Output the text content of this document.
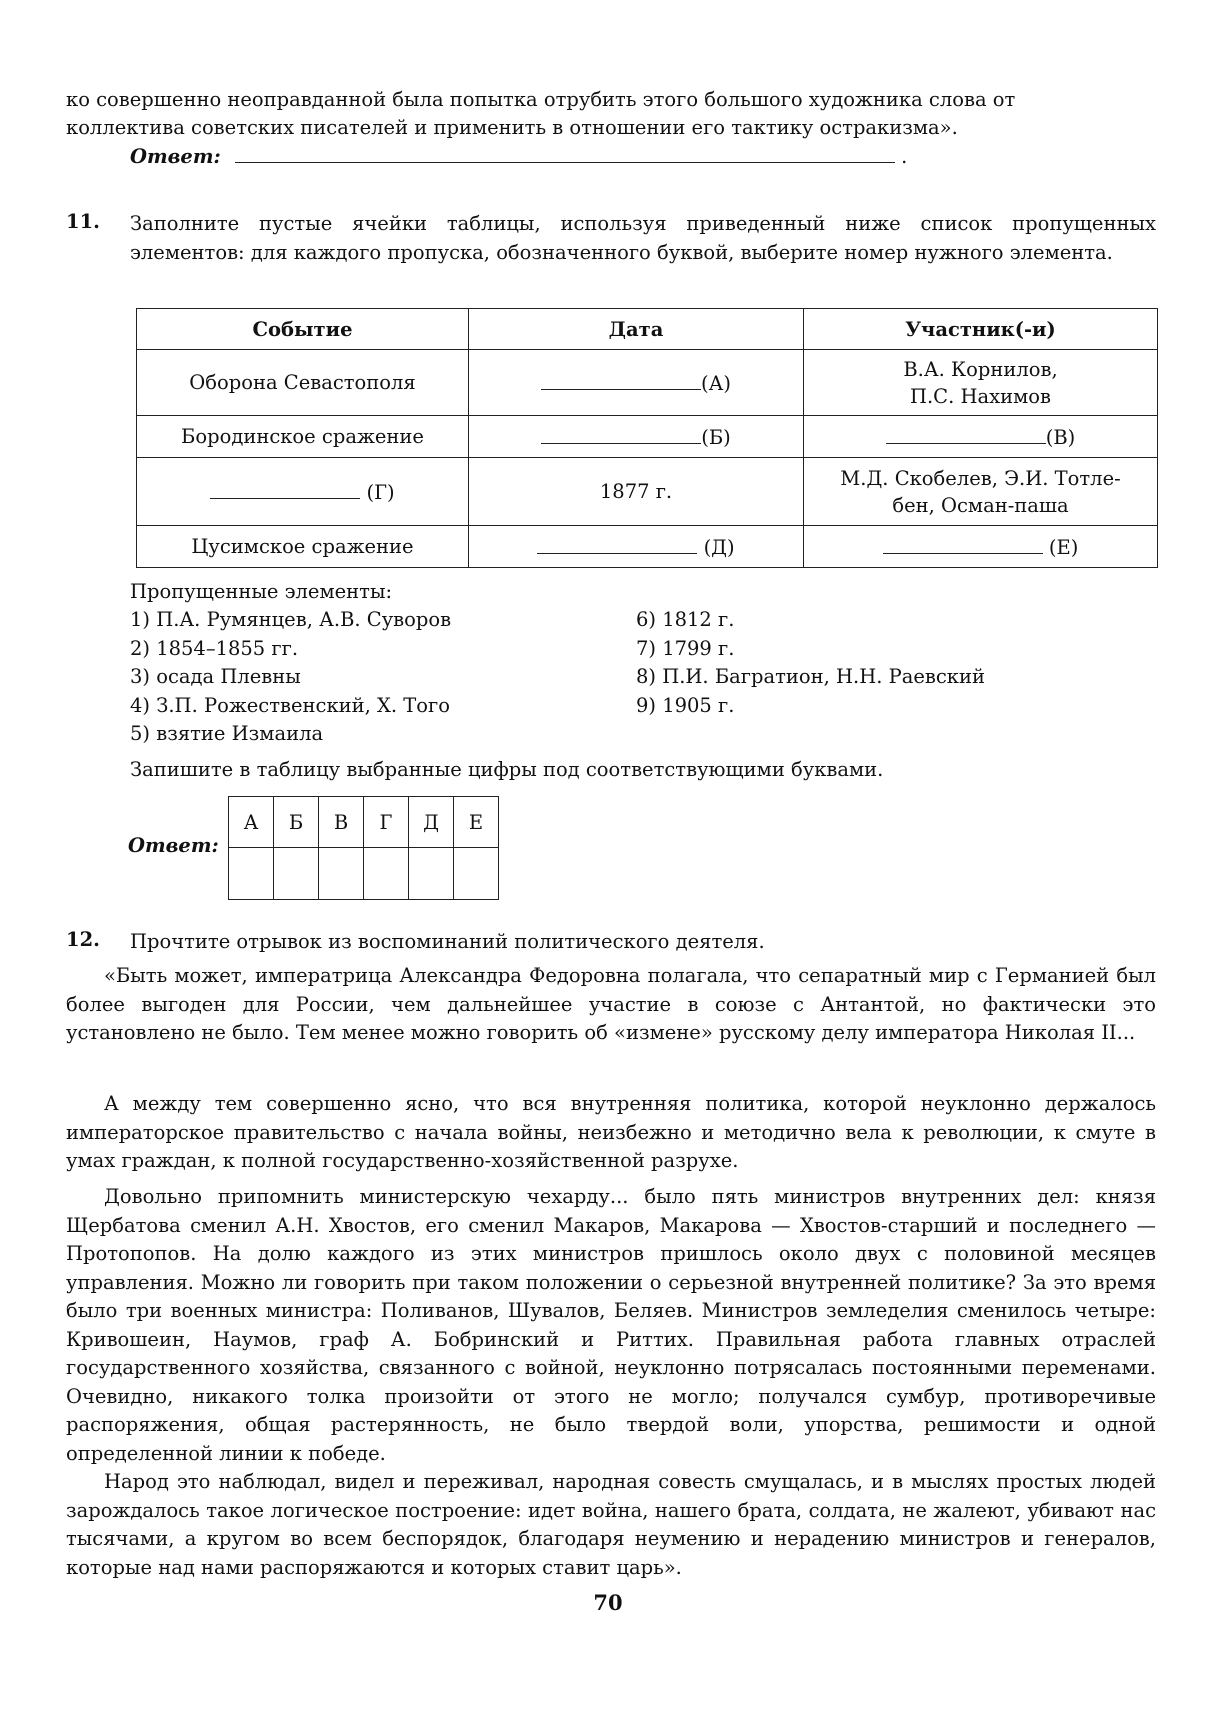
ко совершенно неоправданной была попытка отрубить этого большого художника слова от
коллектива советских писателей и применить в отношении его тактику остракизма».
Ответ:	.
11. Заполните пустые ячейки таблицы, используя приведенный ниже список пропущенных элементов: для каждого пропуска, обозначенного буквой, выберите номер нужного элемента.
Событие	Дата	Участник(-и)
Оборона Севастополя	(А)	В.А. Корнилов,
П.С. Нахимов

Бородинское сражение	(Б)	(В)
(Г)	1877 г.	М.Д. Скобелев, Э.И. Тотле-
бен, Осман-паша

Цусимское сражение	(Д)	(Е)
Пропущенные элементы:
1) П.А. Румянцев, А.В. Суворов
2) 1854–1855 гг.
3) осада Плевны
4) З.П. Рожественский, Х. Того
5) взятие Измаила
6) 1812 г.
7) 1799 г.
8) П.И. Багратион, Н.Н. Раевский
9) 1905 г.
Запишите в таблицу выбранные цифры под соответствующими буквами.
Ответ:
А	Б	В	Г	Д	Е

12. Прочтите отрывок из воспоминаний политического деятеля.
«Быть может, императрица Александра Федоровна полагала, что сепаратный мир с Германией был более выгоден для России, чем дальнейшее участие в союзе с Антантой, но фактически это установлено не было. Тем менее можно говорить об «измене» русскому делу императора Николая II...
А между тем совершенно ясно, что вся внутренняя политика, которой неуклонно держалось императорское правительство с начала войны, неизбежно и методично вела к революции, к смуте в умах граждан, к полной государственно-хозяйственной разрухе.
Довольно припомнить министерскую чехарду... было пять министров внутренних дел: князя Щербатова сменил А.Н. Хвостов, его сменил Макаров, Макарова — Хвостов-старший и последнего — Протопопов. На долю каждого из этих министров пришлось около двух с половиной месяцев управления. Можно ли говорить при таком положении о серьезной внутренней политике? За это время было три военных министра: Поливанов, Шувалов, Беляев. Министров земледелия сменилось четыре: Кривошеин, Наумов, граф А. Бобринский и Риттих. Правильная работа главных отраслей государственного хозяйства, связанного с войной, неуклонно потрясалась постоянными переменами. Очевидно, никакого толка произойти от этого не могло; получался сумбур, противоречивые распоряжения, общая растерянность, не было твердой воли, упорства, решимости и одной определенной линии к победе.
Народ это наблюдал, видел и переживал, народная совесть смущалась, и в мыслях простых людей зарождалось такое логическое построение: идет война, нашего брата, солдата, не жалеют, убивают нас тысячами, а кругом во всем беспорядок, благодаря неумению и нерадению министров и генералов, которые над нами распоряжаются и которых ставит царь».
70
